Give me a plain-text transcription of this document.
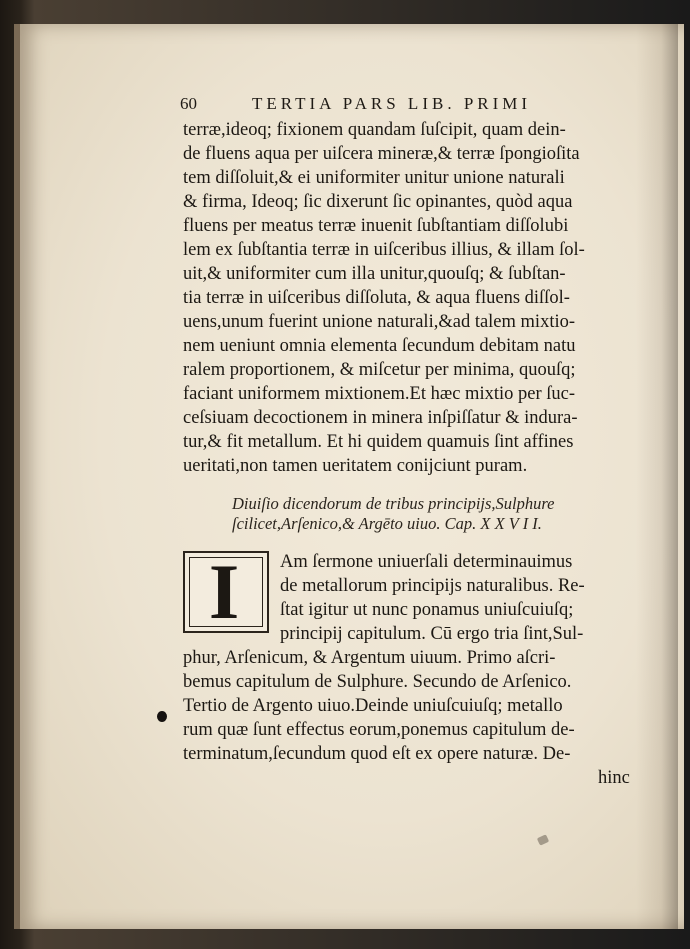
60	TERTIA PARS LIB. PRIMI
terræ,ideoq; fixionem quandam ſuſcipit, quam dein-
de fluens aqua per uiſcera mineræ,& terræ ſpongioſita
tem diſſoluit,& ei uniformiter unitur unione naturali
& firma, Ideoq; ſic dixerunt ſic opinantes, quòd aqua
fluens per meatus terræ inuenit ſubſtantiam diſſolubi
lem ex ſubſtantia terræ in uiſceribus illius, & illam ſol-
uit,& uniformiter cum illa unitur,quouſq; & ſubſtan-
tia terræ in uiſceribus diſſoluta, & aqua fluens diſſol-
uens,unum fuerint unione naturali,&ad talem mixtio-
nem ueniunt omnia elementa ſecundum debitam natu
ralem proportionem, & miſcetur per minima, quouſq;
faciant uniformem mixtionem.Et hæc mixtio per ſuc-
ceſsiuam decoctionem in minera inſpiſſatur & indura-
tur,& fit metallum. Et hi quidem quamuis ſint affines
ueritati,non tamen ueritatem conijciunt puram.
Diuiſio dicendorum de tribus principijs,Sulphure
ſcilicet,Arſenico,& Argēto uiuo. Cap. X X V I I.
I	Am ſermone uniuerſali determinauimus
de metallorum principijs naturalibus. Re-
ſtat igitur ut nunc ponamus uniuſcuiuſq;
principij capitulum. Cū ergo tria ſint,Sul-
phur, Arſenicum, & Argentum uiuum. Primo aſcri-
bemus capitulum de Sulphure. Secundo de Arſenico.
Tertio de Argento uiuo.Deinde uniuſcuiuſq; metallo
rum quæ ſunt effectus eorum,ponemus capitulum de-
terminatum,ſecundum quod eſt ex opere naturæ. De-
hinc
